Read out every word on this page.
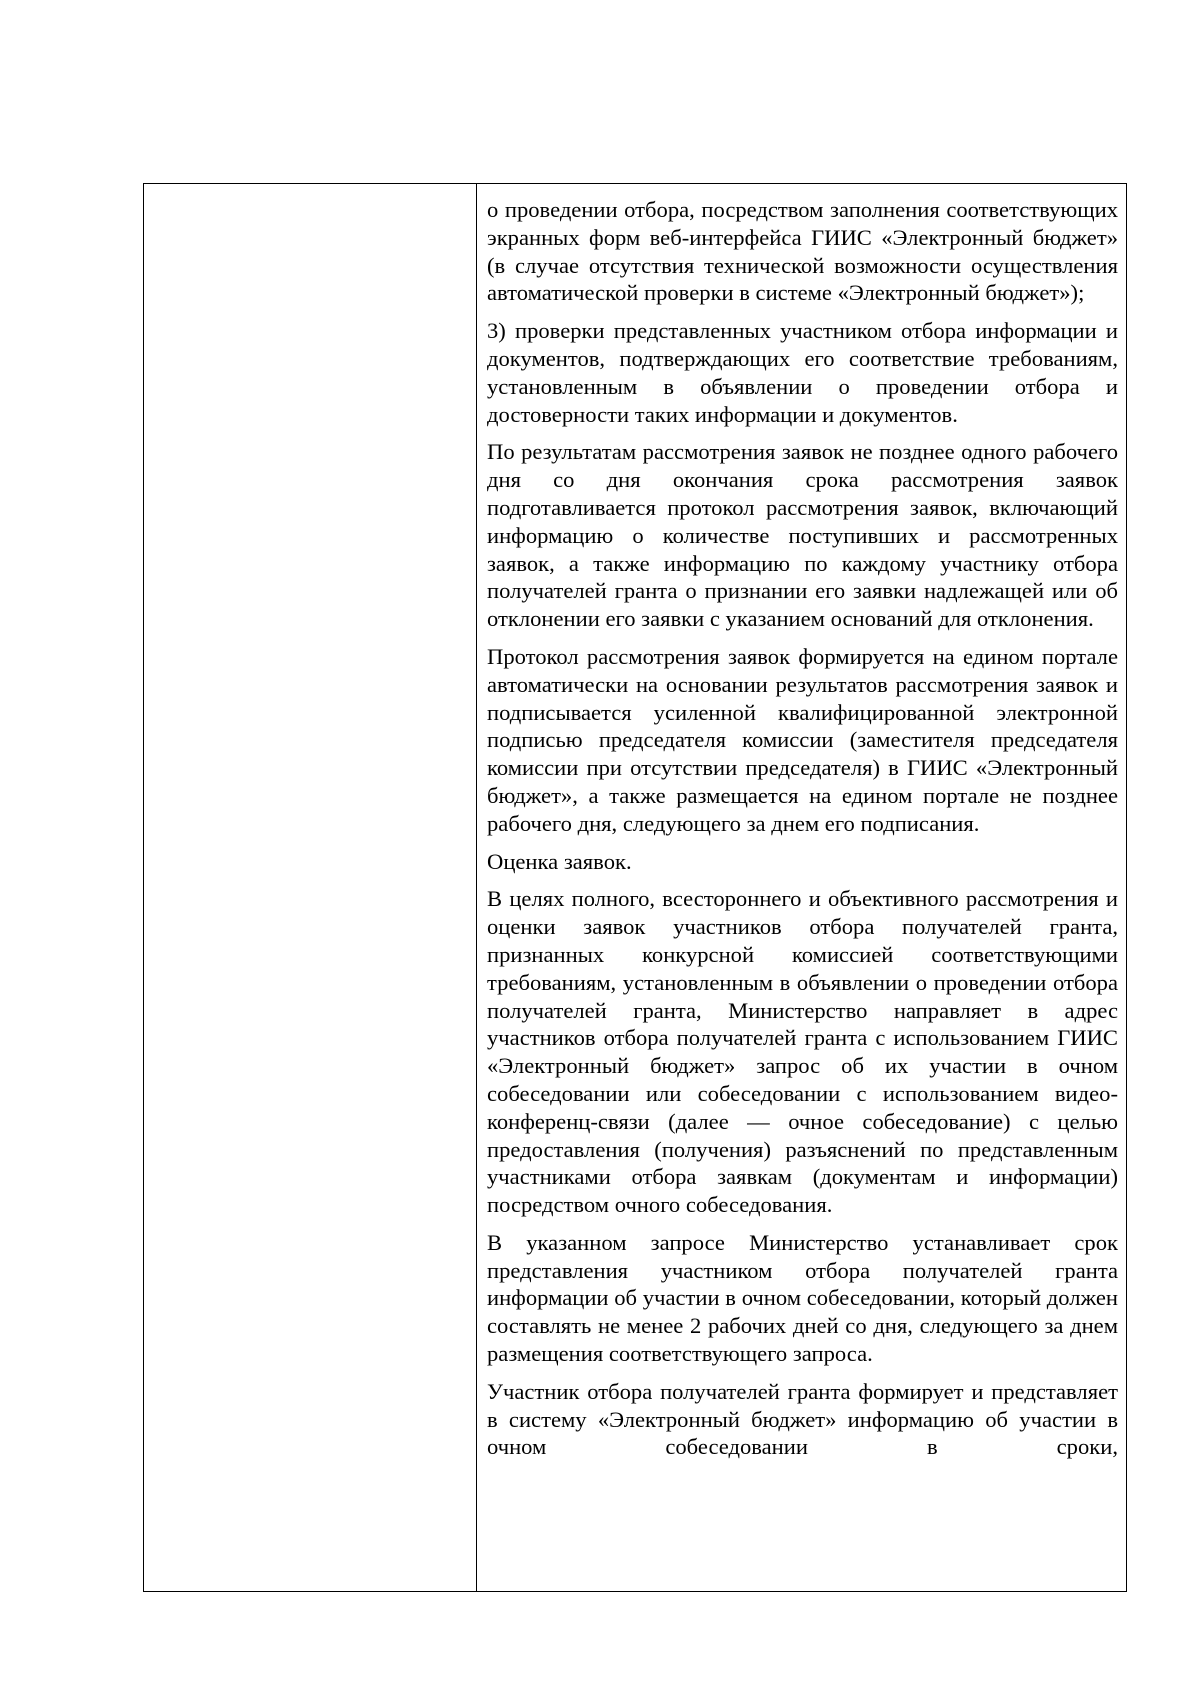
о проведении отбора, посредством заполнения соответствующих экранных форм веб-интерфейса ГИИС «Электронный бюджет» (в случае отсутствия технической возможности осуществления автоматической проверки в системе «Электронный бюджет»);

3) проверки представленных участником отбора информации и документов, подтверждающих его соответствие требованиям, установленным в объявлении о проведении отбора и достоверности таких информации и документов.

По результатам рассмотрения заявок не позднее одного рабочего дня со дня окончания срока рассмотрения заявок подготавливается протокол рассмотрения заявок, включающий информацию о количестве поступивших и рассмотренных заявок, а также информацию по каждому участнику отбора получателей гранта о признании его заявки надлежащей или об отклонении его заявки с указанием оснований для отклонения.

Протокол рассмотрения заявок формируется на едином портале автоматически на основании результатов рассмотрения заявок и подписывается усиленной квалифицированной электронной подписью председателя комиссии (заместителя председателя комиссии при отсутствии председателя) в ГИИС «Электронный бюджет», а также размещается на едином портале не позднее рабочего дня, следующего за днем его подписания.

Оценка заявок.

В целях полного, всестороннего и объективного рассмотрения и оценки заявок участников отбора получателей гранта, признанных конкурсной комиссией соответствующими требованиям, установленным в объявлении о проведении отбора получателей гранта, Министерство направляет в адрес участников отбора получателей гранта с использованием ГИИС «Электронный бюджет» запрос об их участии в очном собеседовании или собеседовании с использованием видео-конференц-связи (далее — очное собеседование) с целью предоставления (получения) разъяснений по представленным участниками отбора заявкам (документам и информации) посредством очного собеседования.

В указанном запросе Министерство устанавливает срок представления участником отбора получателей гранта информации об участии в очном собеседовании, который должен составлять не менее 2 рабочих дней со дня, следующего за днем размещения соответствующего запроса.

Участник отбора получателей гранта формирует и представляет в систему «Электронный бюджет» информацию об участии в очном собеседовании в сроки,
